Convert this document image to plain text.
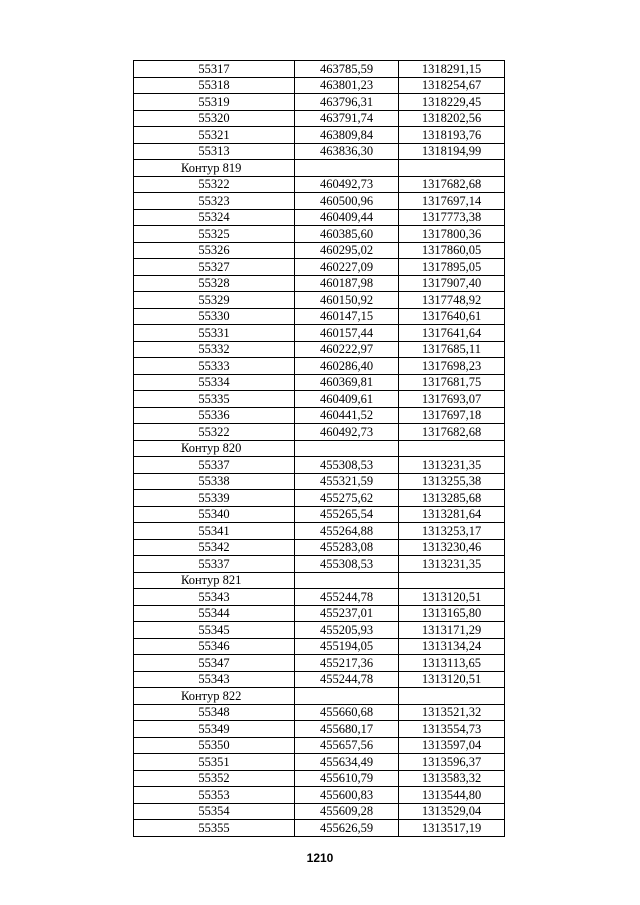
55317	463785,59	1318291,15
55318	463801,23	1318254,67
55319	463796,31	1318229,45
55320	463791,74	1318202,56
55321	463809,84	1318193,76
55313	463836,30	1318194,99
Контур 819		
55322	460492,73	1317682,68
55323	460500,96	1317697,14
55324	460409,44	1317773,38
55325	460385,60	1317800,36
55326	460295,02	1317860,05
55327	460227,09	1317895,05
55328	460187,98	1317907,40
55329	460150,92	1317748,92
55330	460147,15	1317640,61
55331	460157,44	1317641,64
55332	460222,97	1317685,11
55333	460286,40	1317698,23
55334	460369,81	1317681,75
55335	460409,61	1317693,07
55336	460441,52	1317697,18
55322	460492,73	1317682,68
Контур 820		
55337	455308,53	1313231,35
55338	455321,59	1313255,38
55339	455275,62	1313285,68
55340	455265,54	1313281,64
55341	455264,88	1313253,17
55342	455283,08	1313230,46
55337	455308,53	1313231,35
Контур 821		
55343	455244,78	1313120,51
55344	455237,01	1313165,80
55345	455205,93	1313171,29
55346	455194,05	1313134,24
55347	455217,36	1313113,65
55343	455244,78	1313120,51
Контур 822		
55348	455660,68	1313521,32
55349	455680,17	1313554,73
55350	455657,56	1313597,04
55351	455634,49	1313596,37
55352	455610,79	1313583,32
55353	455600,83	1313544,80
55354	455609,28	1313529,04
55355	455626,59	1313517,19
1210
